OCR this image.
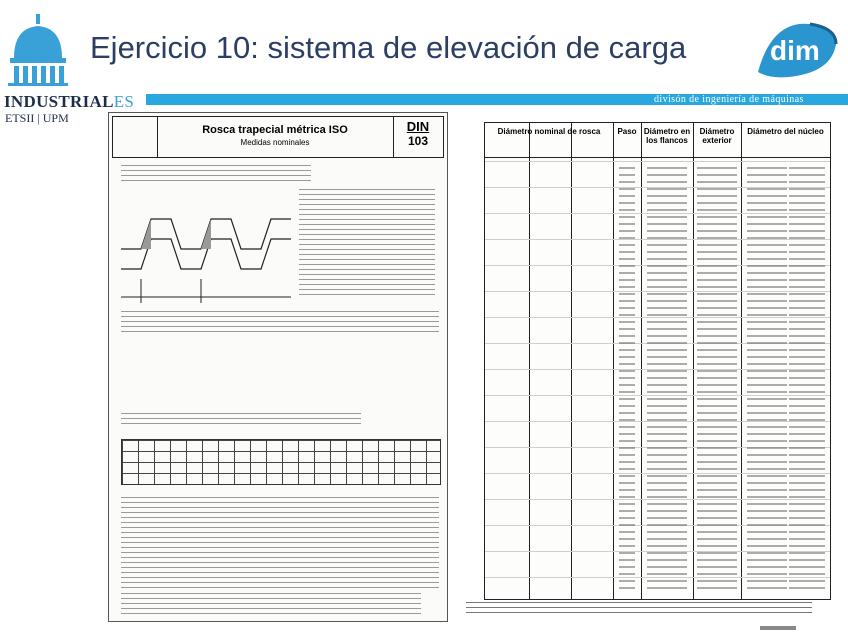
INDUSTRIALES
ETSII | UPM
Ejercicio 10: sistema de elevación de carga	dim
divisón de ingeniería de máquinas
Rosca trapecial métrica ISO
Medidas nominales
DIN
103
Diámetro nominal de rosca	Paso Diámetro en los flancos
Diámetro exterior
Diámetro del núcleo
